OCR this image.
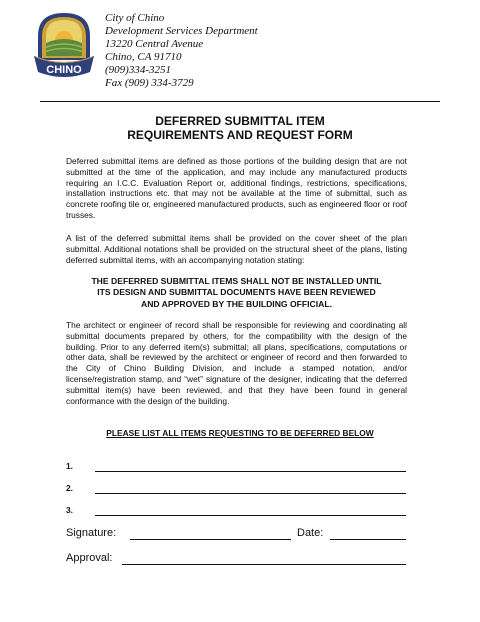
CHINO
City of Chino
Development Services Department
13220 Central Avenue
Chino, CA 91710
(909)334-3251
Fax (909) 334-3729
DEFERRED SUBMITTAL ITEM
REQUIREMENTS AND REQUEST FORM
Deferred submittal items are defined as those portions of the building design that are not submitted at the time of the application, and may include any manufactured products requiring an I.C.C. Evaluation Report or, additional findings, restrictions, specifications, installation instructions etc. that may not be available at the time of submittal, such as concrete roofing tile or, engineered manufactured products, such as engineered floor or roof trusses.
A list of the deferred submittal items shall be provided on the cover sheet of the plan submittal. Additional notations shall be provided on the structural sheet of the plans, listing deferred submittal items, with an accompanying notation stating:
THE DEFERRED SUBMITTAL ITEMS SHALL NOT BE INSTALLED UNTIL
ITS DESIGN AND SUBMITTAL DOCUMENTS HAVE BEEN REVIEWED
AND APPROVED BY THE BUILDING OFFICIAL.
The architect or engineer of record shall be responsible for reviewing and coordinating all submittal documents prepared by others, for the compatibility with the design of the building. Prior to any deferred item(s) submittal; all plans, specifications, computations or other data, shall be reviewed by the architect or engineer of record and then forwarded to the City of Chino Building Division, and include a stamped notation, and/or license/registration stamp, and “wet” signature of the designer, indicating that the deferred submittal item(s) have been reviewed, and that they have been found in general conformance with the design of the building.
PLEASE LIST ALL ITEMS REQUESTING TO BE DEFERRED BELOW
1.
2.
3.
Signature:	Date:
Approval:
